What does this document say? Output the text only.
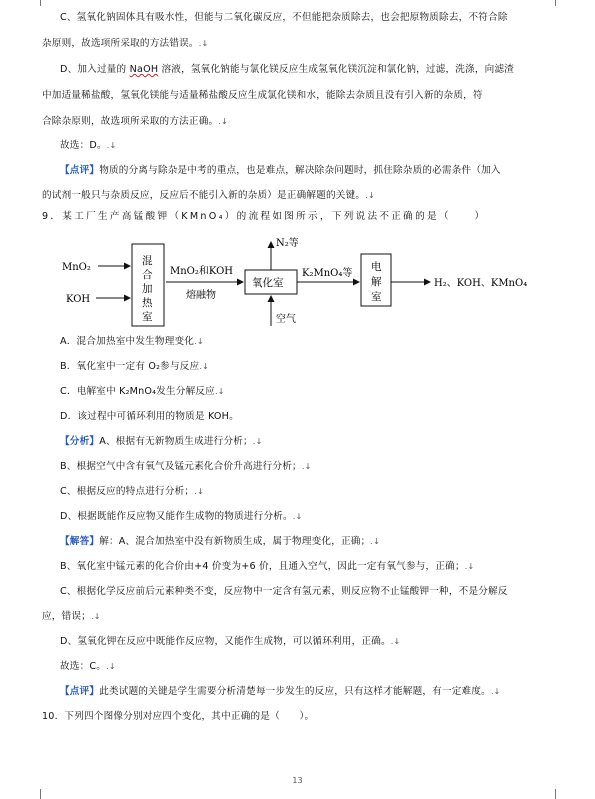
C、氢氧化钠固体具有吸水性，但能与二氧化碳反应，不但能把杂质除去，也会把原物质除去，不符合除
杂原则，故选项所采取的方法错误。.↓
D、加入过量的 NaOH 溶液，氢氧化钠能与氯化镁反应生成氢氧化镁沉淀和氯化钠，过滤，洗涤，向滤渣
中加适量稀盐酸，氢氧化镁能与适量稀盐酸反应生成氯化镁和水，能除去杂质且没有引入新的杂质，符
合除杂原则，故选项所采取的方法正确。.↓
故选：D。.↓
【点评】物质的分离与除杂是中考的重点，也是难点，解决除杂问题时，抓住除杂质的必需条件（加入
的试剂一般只与杂质反应，反应后不能引入新的杂质）是正确解题的关键。.↓
9．某工厂生产高锰酸钾（KMnO₄）的流程如图所示，下列说法不正确的是（　　）
MnO₂
KOH
混
合
加
热
室
MnO₂和KOH
熔融物
氧化室
N₂等
空气
K₂MnO₄等
电
解
室
H₂、KOH、KMnO₄
A．混合加热室中发生物理变化.↓
B．氧化室中一定有 O₂参与反应.↓
C．电解室中 K₂MnO₄发生分解反应.↓
D．该过程中可循环利用的物质是 KOH。
【分析】A、根据有无新物质生成进行分析；.↓
B、根据空气中含有氧气及锰元素化合价升高进行分析；.↓
C、根据反应的特点进行分析；.↓
D、根据既能作反应物又能作生成物的物质进行分析。.↓
【解答】解：A、混合加热室中没有新物质生成，属于物理变化，正确；.↓
B、氧化室中锰元素的化合价由+4 价变为+6 价，且通入空气，因此一定有氧气参与，正确；.↓
C、根据化学反应前后元素种类不变，反应物中一定含有氢元素，则反应物不止锰酸钾一种，不是分解反
应，错误；.↓
D、氢氧化钾在反应中既能作反应物，又能作生成物，可以循环利用，正确。.↓
故选：C。.↓
【点评】此类试题的关键是学生需要分析清楚每一步发生的反应，只有这样才能解题，有一定难度。.↓
10．下列四个图像分别对应四个变化，其中正确的是（　　）。
13
